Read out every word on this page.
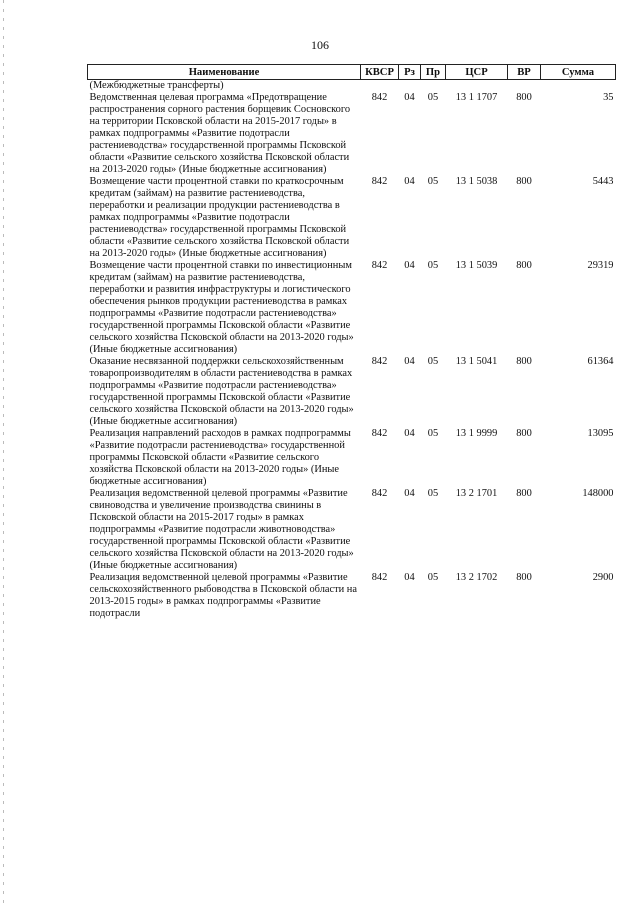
106
Наименование	КВСР	Рз	Пр	ЦСР	ВР	Сумма
(Межбюджетные трансферты)						
Ведомственная целевая программа «Предотвращение распространения сорного растения борщевик Сосновского на территории Псковской области на 2015-2017 годы» в рамках подпрограммы «Развитие подотрасли растениеводства» государственной программы Псковской области «Развитие сельского хозяйства Псковской области на 2013-2020 годы» (Иные бюджетные ассигнования)	842	04	05	13 1 1707	800	35
Возмещение части процентной ставки по краткосрочным кредитам (займам) на развитие растениеводства, переработки и реализации продукции растениеводства в рамках подпрограммы «Развитие подотрасли растениеводства» государственной программы Псковской области «Развитие сельского хозяйства Псковской области на 2013-2020 годы» (Иные бюджетные ассигнования)	842	04	05	13 1 5038	800	5443
Возмещение части процентной ставки по инвестиционным кредитам (займам) на развитие растениеводства, переработки и развития инфраструктуры и логистического обеспечения рынков продукции растениеводства в рамках подпрограммы «Развитие подотрасли растениеводства» государственной программы Псковской области «Развитие сельского хозяйства Псковской области на 2013-2020 годы» (Иные бюджетные ассигнования)	842	04	05	13 1 5039	800	29319
Оказание несвязанной поддержки сельскохозяйственным товаропроизводителям в области растениеводства в рамках подпрограммы «Развитие подотрасли растениеводства» государственной программы Псковской области «Развитие сельского хозяйства Псковской области на 2013-2020 годы» (Иные бюджетные ассигнования)	842	04	05	13 1 5041	800	61364
Реализация направлений расходов в рамках подпрограммы «Развитие подотрасли растениеводства» государственной программы Псковской области «Развитие сельского хозяйства Псковской области на 2013-2020 годы» (Иные бюджетные ассигнования)	842	04	05	13 1 9999	800	13095
Реализация ведомственной целевой программы «Развитие свиноводства и увеличение производства свинины в Псковской области на 2015-2017 годы» в рамках подпрограммы «Развитие подотрасли животноводства» государственной программы Псковской области «Развитие сельского хозяйства Псковской области на 2013-2020 годы» (Иные бюджетные ассигнования)	842	04	05	13 2 1701	800	148000
Реализация ведомственной целевой программы «Развитие сельскохозяйственного рыбоводства в Псковской области на 2013-2015 годы» в рамках подпрограммы «Развитие подотрасли	842	04	05	13 2 1702	800	2900
